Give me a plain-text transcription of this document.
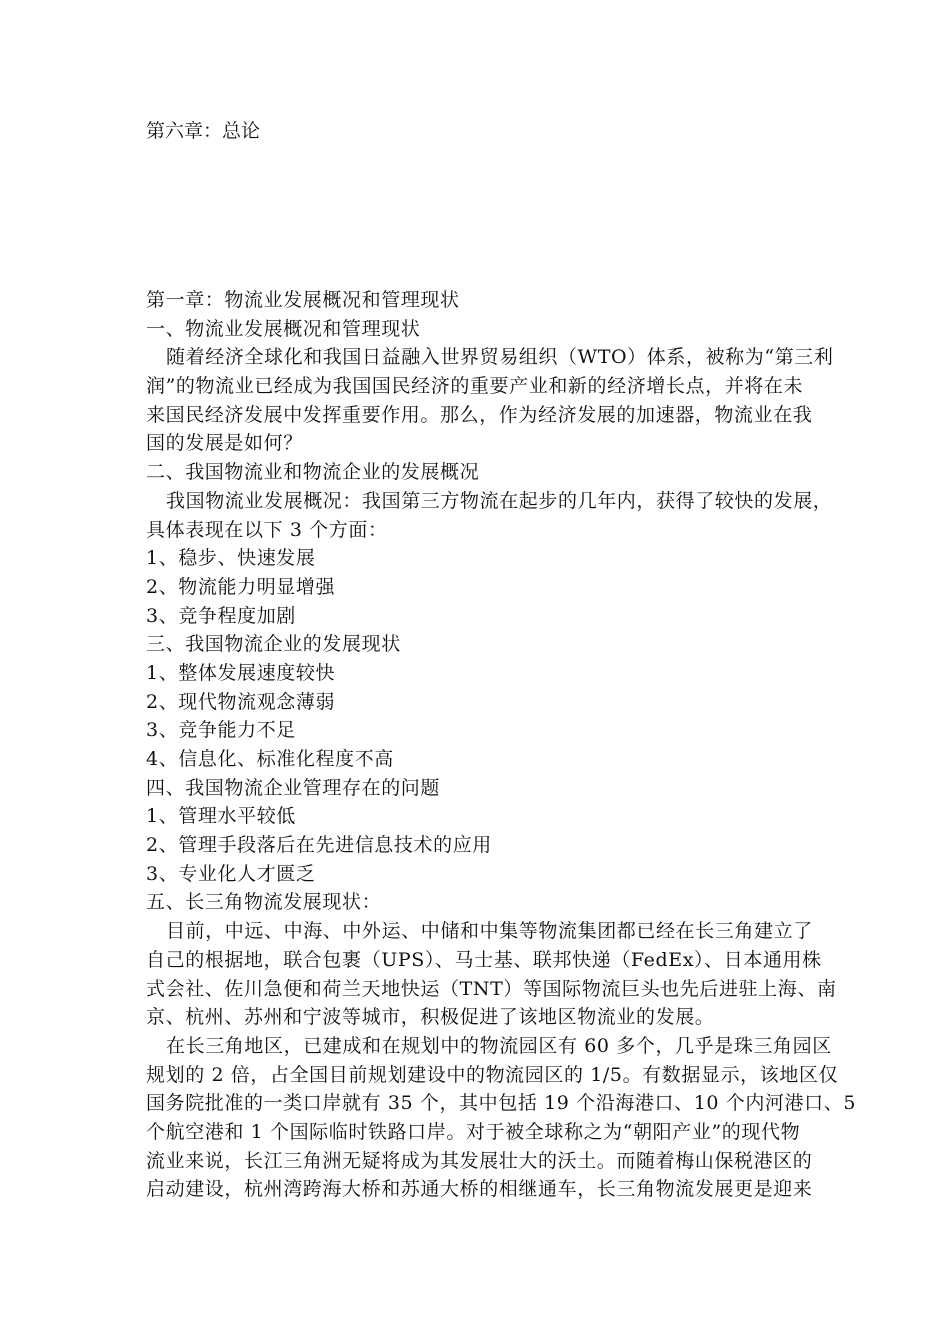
第六章：总论
第一章：物流业发展概况和管理现状
一、物流业发展概况和管理现状
随着经济全球化和我国日益融入世界贸易组织（WTO）体系，被称为“第三利
润”的物流业已经成为我国国民经济的重要产业和新的经济增长点，并将在未
来国民经济发展中发挥重要作用。那么，作为经济发展的加速器，物流业在我
国的发展是如何？
二、我国物流业和物流企业的发展概况
我国物流业发展概况：我国第三方物流在起步的几年内，获得了较快的发展，
具体表现在以下 3 个方面：
1、稳步、快速发展
2、物流能力明显增强
3、竞争程度加剧
三、我国物流企业的发展现状
1、整体发展速度较快
2、现代物流观念薄弱
3、竞争能力不足
4、信息化、标准化程度不高
四、我国物流企业管理存在的问题
1、管理水平较低
2、管理手段落后在先进信息技术的应用
3、专业化人才匮乏
五、长三角物流发展现状：
目前，中远、中海、中外运、中储和中集等物流集团都已经在长三角建立了
自己的根据地，联合包裹（UPS）、马士基、联邦快递（FedEx）、日本通用株
式会社、佐川急便和荷兰天地快运（TNT）等国际物流巨头也先后进驻上海、南
京、杭州、苏州和宁波等城市，积极促进了该地区物流业的发展。
在长三角地区，已建成和在规划中的物流园区有 60 多个，几乎是珠三角园区
规划的 2 倍，占全国目前规划建设中的物流园区的 1/5。有数据显示，该地区仅
国务院批准的一类口岸就有 35 个，其中包括 19 个沿海港口、10 个内河港口、5
个航空港和 1 个国际临时铁路口岸。对于被全球称之为“朝阳产业”的现代物
流业来说，长江三角洲无疑将成为其发展壮大的沃土。而随着梅山保税港区的
启动建设，杭州湾跨海大桥和苏通大桥的相继通车，长三角物流发展更是迎来
